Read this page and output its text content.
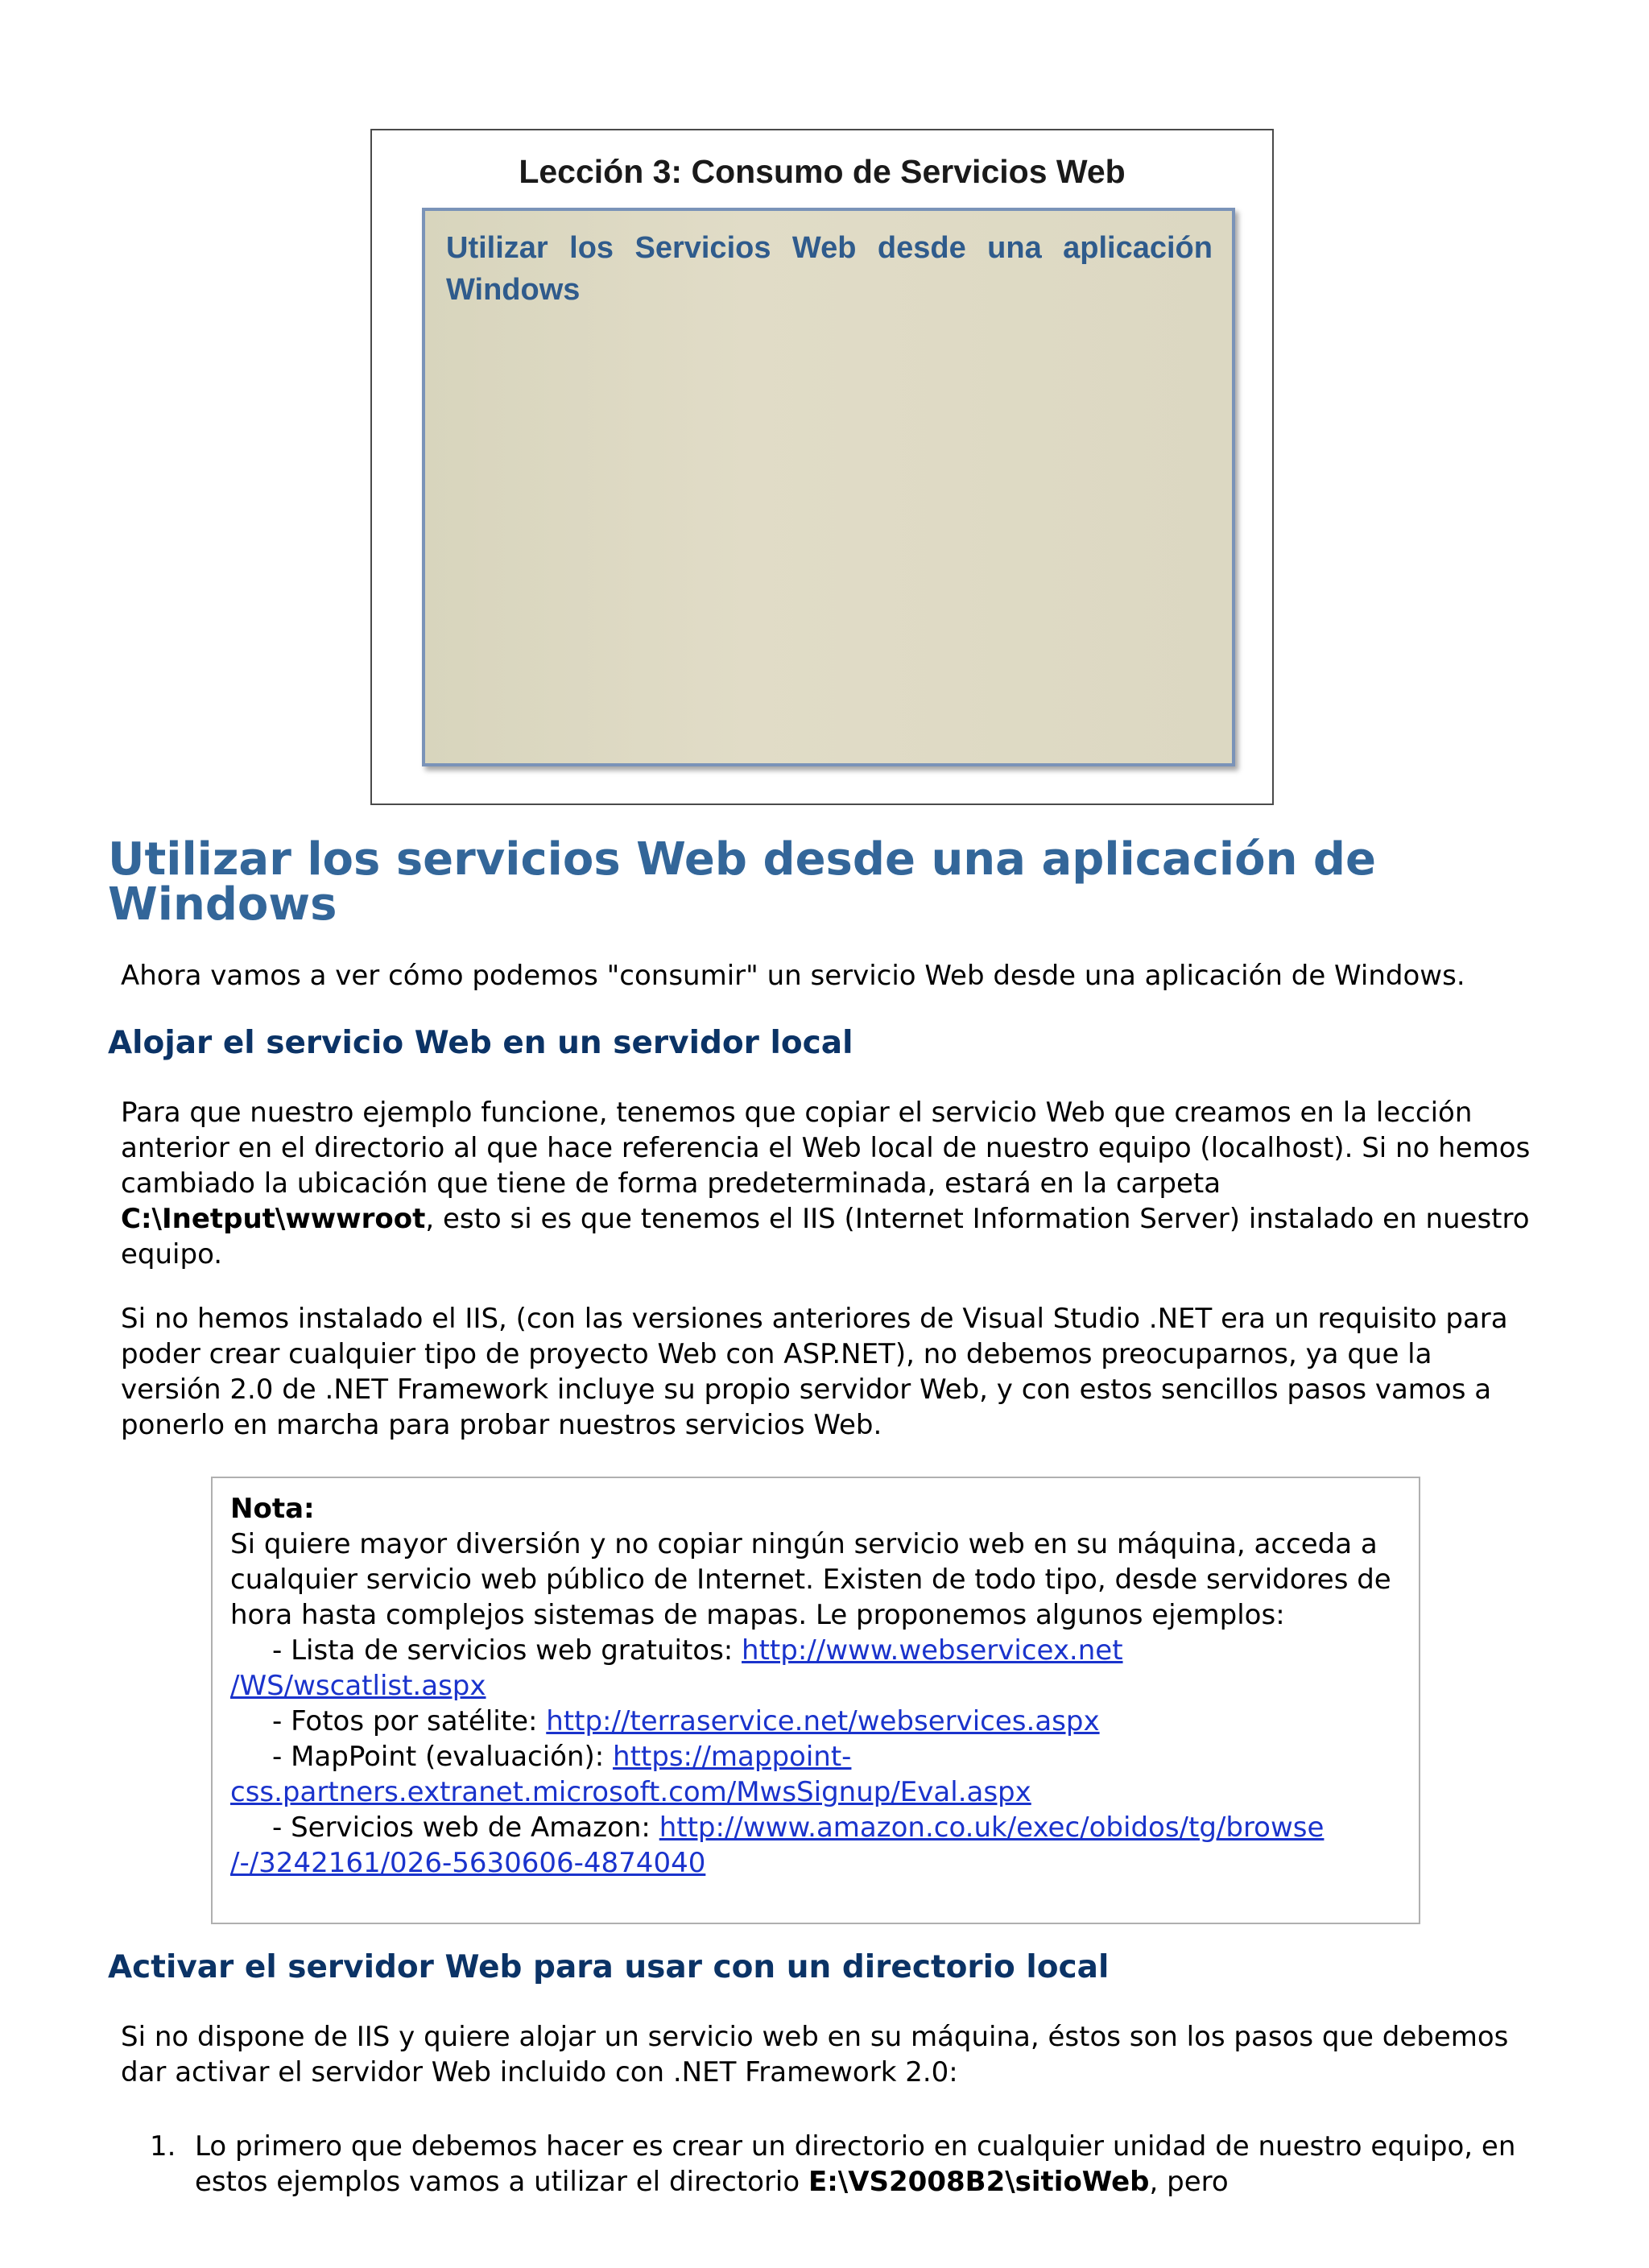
Lección 3: Consumo de Servicios Web
Utilizar los Servicios Web desde una aplicación Windows
Utilizar los servicios Web desde una aplicación de Windows

Ahora vamos a ver cómo podemos "consumir" un servicio Web desde una aplicación de Windows.

Alojar el servicio Web en un servidor local

Para que nuestro ejemplo funcione, tenemos que copiar el servicio Web que creamos en la lección anterior en el directorio al que hace referencia el Web local de nuestro equipo (localhost). Si no hemos cambiado la ubicación que tiene de forma predeterminada, estará en la carpeta C:\Inetput\wwwroot, esto si es que tenemos el IIS (Internet Information Server) instalado en nuestro equipo.

Si no hemos instalado el IIS, (con las versiones anteriores de Visual Studio .NET era un requisito para poder crear cualquier tipo de proyecto Web con ASP.NET), no debemos preocuparnos, ya que la versión 2.0 de .NET Framework incluye su propio servidor Web, y con estos sencillos pasos vamos a ponerlo en marcha para probar nuestros servicios Web.

Nota:
Si quiere mayor diversión y no copiar ningún servicio web en su máquina, acceda a cualquier servicio web público de Internet. Existen de todo tipo, desde servidores de hora hasta complejos sistemas de mapas. Le proponemos algunos ejemplos:
- Lista de servicios web gratuitos: http://www.webservicex.net
/WS/wscatlist.aspx
- Fotos por satélite: http://terraservice.net/webservices.aspx
- MapPoint (evaluación): https://mappoint-
css.partners.extranet.microsoft.com/MwsSignup/Eval.aspx
- Servicios web de Amazon: http://www.amazon.co.uk/exec/obidos/tg/browse
/-/3242161/026-5630606-4874040
Activar el servidor Web para usar con un directorio local

Si no dispone de IIS y quiere alojar un servicio web en su máquina, éstos son los pasos que debemos dar activar el servidor Web incluido con .NET Framework 2.0:

1. Lo primero que debemos hacer es crear un directorio en cualquier unidad de nuestro equipo, en estos ejemplos vamos a utilizar el directorio E:\VS2008B2\sitioWeb, pero
